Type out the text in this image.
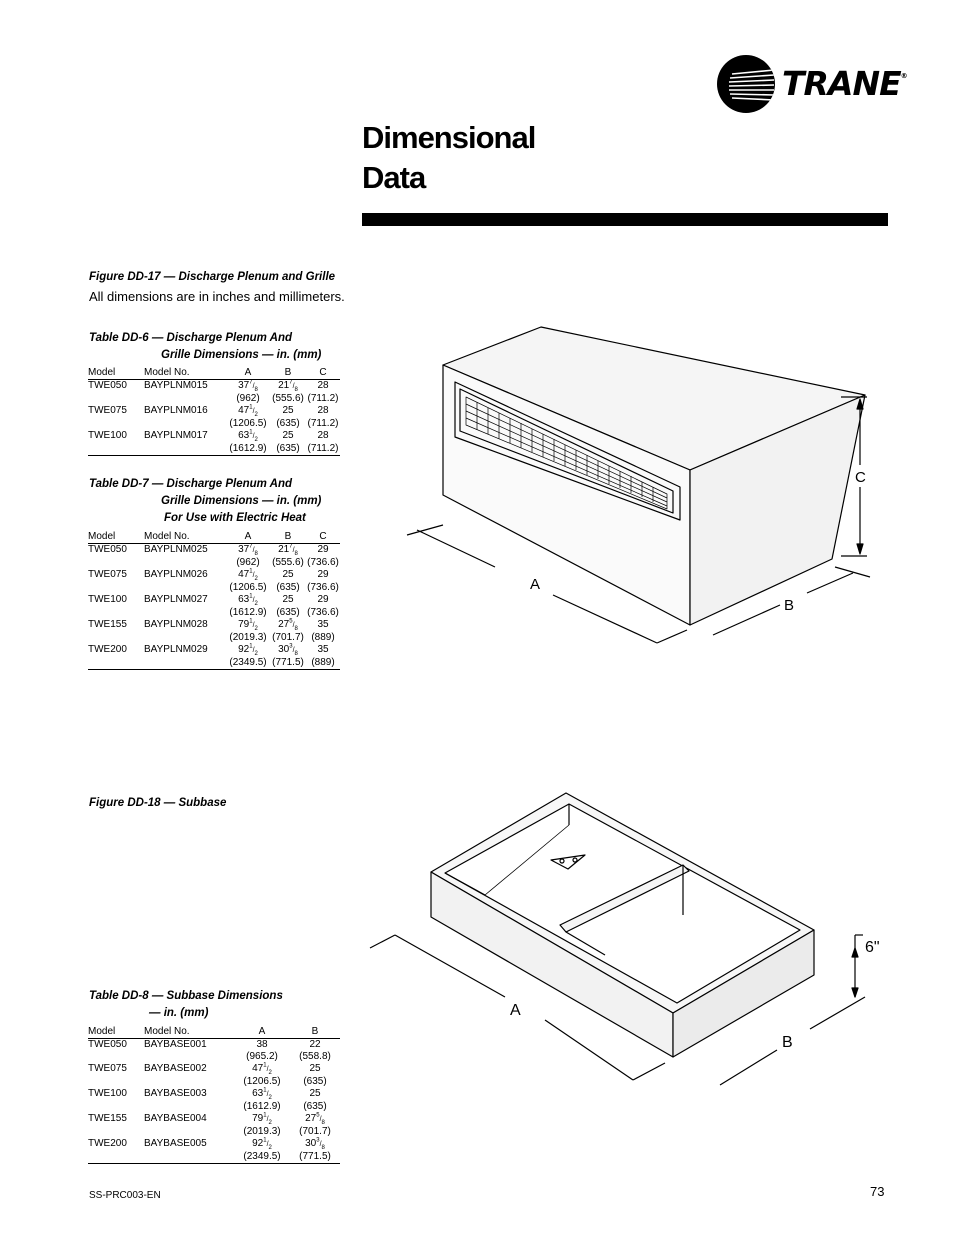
TRANE®
Dimensional
Data
Figure DD-17 — Discharge Plenum and Grille
All dimensions are in inches and millimeters.
Table DD-6 — Discharge Plenum And
Grille Dimensions — in. (mm)
Model	Model No.	A	B	C
TWE050	BAYPLNM015	$37^7/_8$	$21^7/_8$	28
		(962)	(555.6)	(711.2)
TWE075	BAYPLNM016	$47^1/_2$	25	28
		(1206.5)	(635)	(711.2)
TWE100	BAYPLNM017	$63^1/_2$	25	28
		(1612.9)	(635)	(711.2)
Table DD-7 — Discharge Plenum And
Grille Dimensions — in. (mm)
For Use with Electric Heat
Model	Model No.	A	B	C
TWE050	BAYPLNM025	$37^7/_8$	$21^7/_8$	29
		(962)	(555.6)	(736.6)
TWE075	BAYPLNM026	$47^1/_2$	25	29
		(1206.5)	(635)	(736.6)
TWE100	BAYPLNM027	$63^1/_2$	25	29
		(1612.9)	(635)	(736.6)
TWE155	BAYPLNM028	$79^1/_2$	$27^5/_8$	35
		(2019.3)	(701.7)	(889)
TWE200	BAYPLNM029	$92^1/_2$	$30^3/_8$	35
		(2349.5)	(771.5)	(889)
Figure DD-18 — Subbase
Table DD-8 — Subbase Dimensions
— in. (mm)
Model	Model No.	A	B
TWE050	BAYBASE001	38	22
		(965.2)	(558.8)
TWE075	BAYBASE002	$47^1/_2$	25
		(1206.5)	(635)
TWE100	BAYBASE003	$63^1/_2$	25
		(1612.9)	(635)
TWE155	BAYBASE004	$79^1/_2$	$27^5/_8$
		(2019.3)	(701.7)
TWE200	BAYBASE005	$92^1/_2$	$30^3/_8$
		(2349.5)	(771.5)
C
A
B
6"
A
B
SS-PRC003-EN	73
